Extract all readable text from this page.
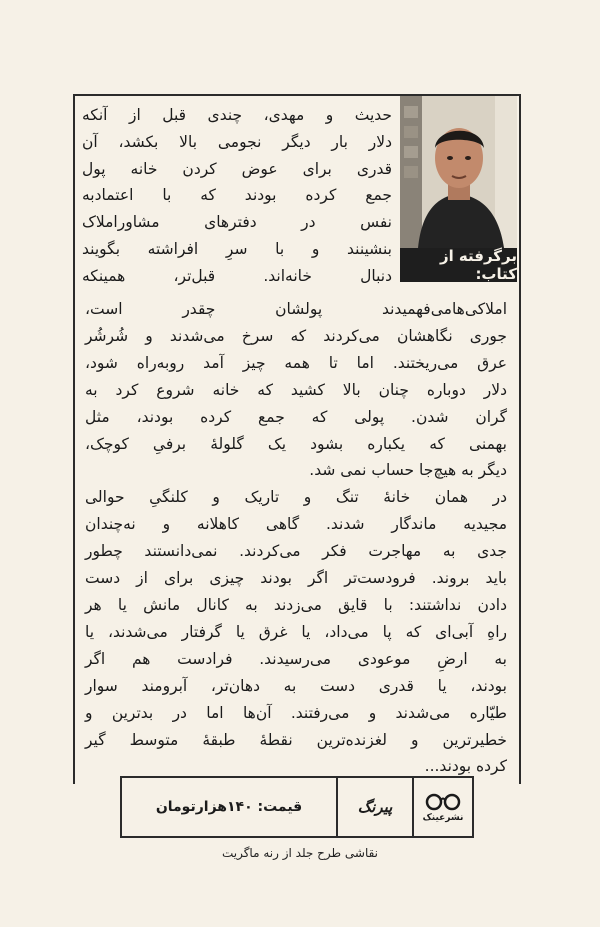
برگرفته از کتاب:
حدیث و مهدی، چندی قبل از آنکه
دلار بار دیگر نجومی بالا بکشد، آن
قدری برای عوض کردن خانه پول
جمع کرده بودند که با اعتمادبه
نفس در دفترهای مشاوراملاک
بنشینند و با سرِ افراشته بگویند
دنبال خانه‌اند. قبل‌تر، همینکه
املاکی‌هامی‌فهمیدند پولشان چقدر است،
جوری نگاهشان می‌کردند که سرخ می‌شدند و شُرشُر
عرق می‌ریختند. اما تا همه چیز آمد روبه‌راه شود،
دلار دوباره چنان بالا کشید که خانه شروع کرد به
گران شدن. پولی که جمع کرده بودند، مثل
بهمنی که یکباره بشود یک گلولهٔ برفیِ کوچک،
دیگر به هیچ‌جا حساب نمی شد.
در همان خانهٔ تنگ و تاریک و کلنگیِ حوالی
مجیدیه ماندگار شدند. گاهی کاهلانه و نه‌چندان
جدی به مهاجرت فکر می‌کردند. نمی‌دانستند چطور
باید بروند. فرودست‌تر اگر بودند چیزی برای از دست
دادن نداشتند: با قایق می‌زدند به کانال مانش یا هر
راهِ آبی‌ای که پا می‌داد، یا غرق یا گرفتار می‌شدند، یا
به ارضِ موعودی می‌رسیدند. فرادست هم اگر
بودند، یا قدری دست به دهان‌تر، آبرومند سوار
طیّاره می‌شدند و می‌رفتند. آن‌ها اما در بدترین و
خطیرترین و لغزنده‌ترین نقطهٔ طبقهٔ متوسط گیر
کرده بودند...
نشرعینک
پیرنگ
قیمت: ۱۴۰هزارتومان
نقاشی طرح جلد از رنه ماگریت
